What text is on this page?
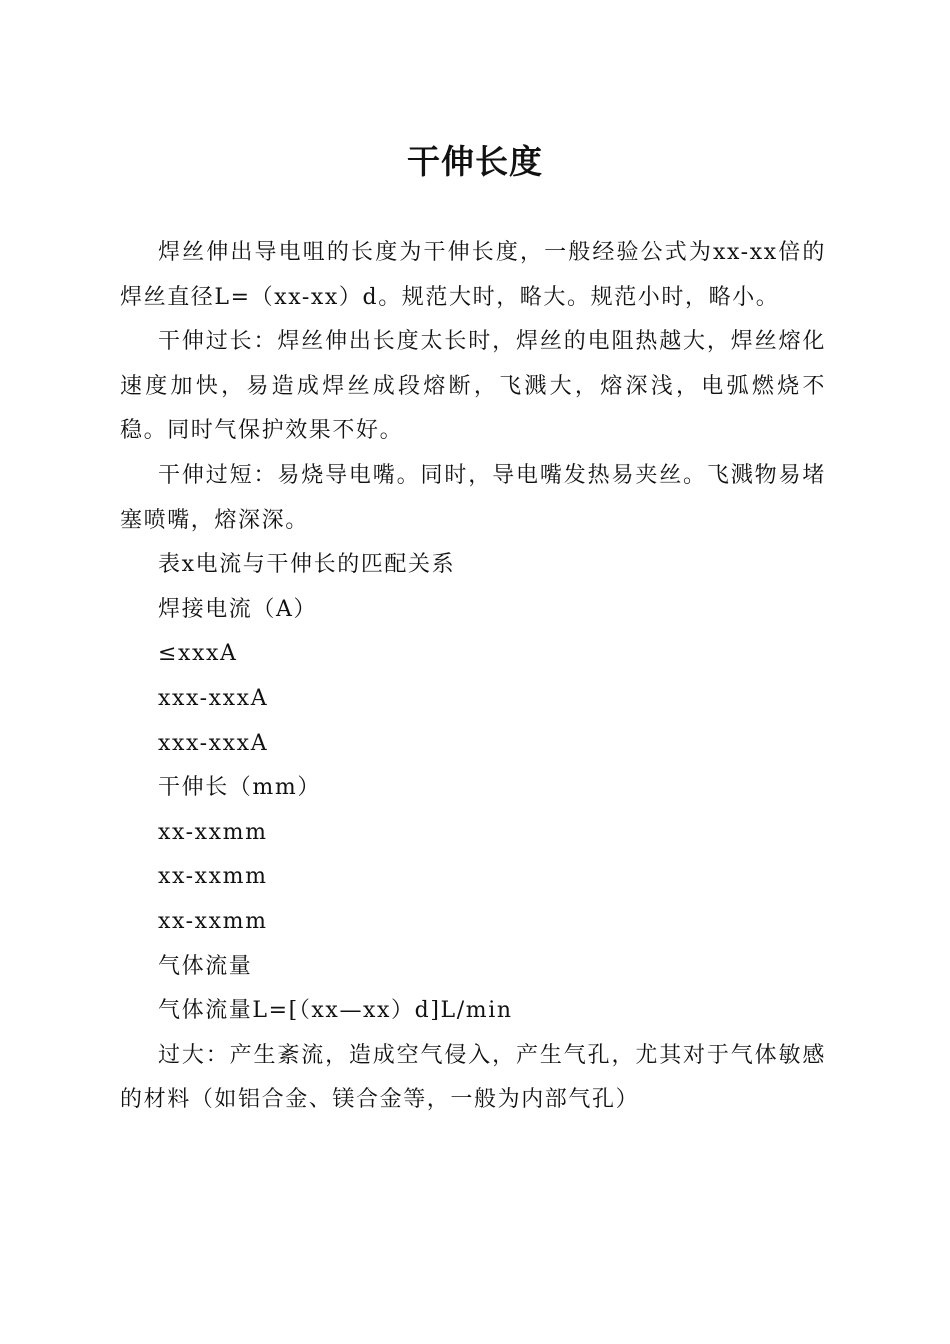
干伸长度

焊丝伸出导电咀的长度为干伸长度，一般经验公式为xx-xx倍的焊丝直径L=（xx-xx）d。规范大时，略大。规范小时，略小。

干伸过长：焊丝伸出长度太长时，焊丝的电阻热越大，焊丝熔化速度加快，易造成焊丝成段熔断，飞溅大，熔深浅，电弧燃烧不稳。同时气保护效果不好。

干伸过短：易烧导电嘴。同时，导电嘴发热易夹丝。飞溅物易堵塞喷嘴，熔深深。

表x电流与干伸长的匹配关系

焊接电流（A）

≤xxxA

xxx-xxxA

xxx-xxxA

干伸长（mm）

xx-xxmm

xx-xxmm

xx-xxmm

气体流量

气体流量L=[（xx—xx）d]L/min

过大：产生紊流，造成空气侵入，产生气孔，尤其对于气体敏感的材料（如铝合金、镁合金等，一般为内部气孔）
